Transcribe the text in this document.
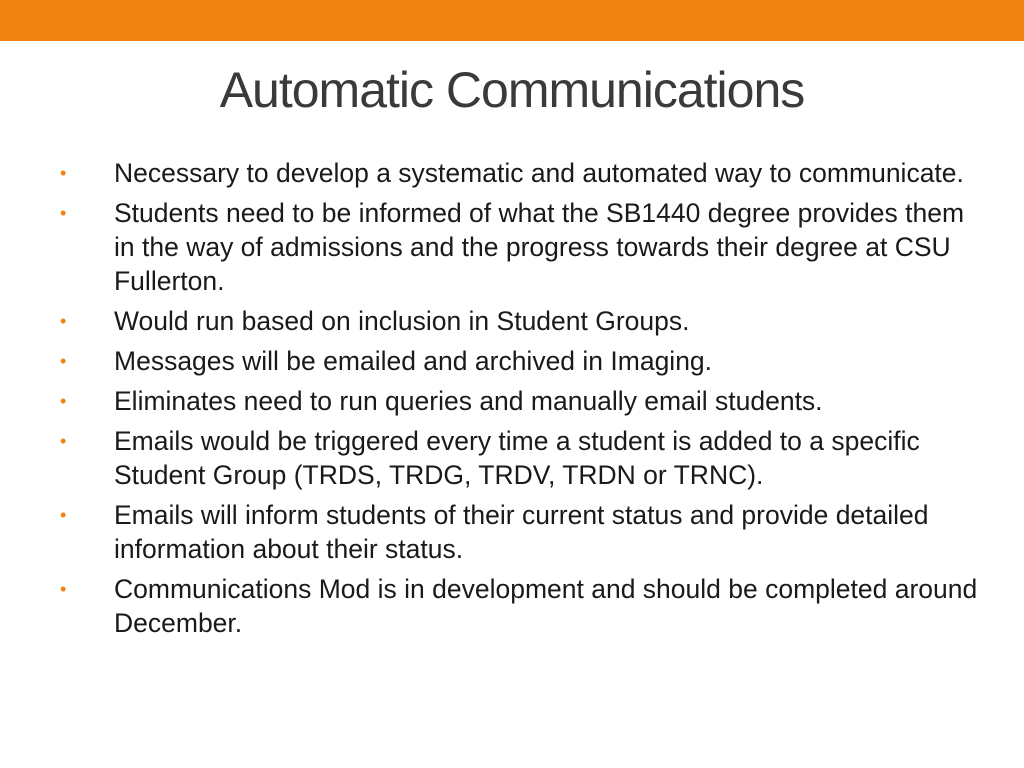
Automatic Communications
• Necessary to develop a systematic and automated way to communicate.
• Students need to be informed of what the SB1440 degree provides them in the way of admissions and the progress towards their degree at CSU Fullerton.
• Would run based on inclusion in Student Groups.
• Messages will be emailed and archived in Imaging.
• Eliminates need to run queries and manually email students.
• Emails would be triggered every time a student is added to a specific Student Group (TRDS, TRDG, TRDV, TRDN or TRNC).
• Emails will inform students of their current status and provide detailed information about their status.
• Communications Mod is in development and should be completed around December.
